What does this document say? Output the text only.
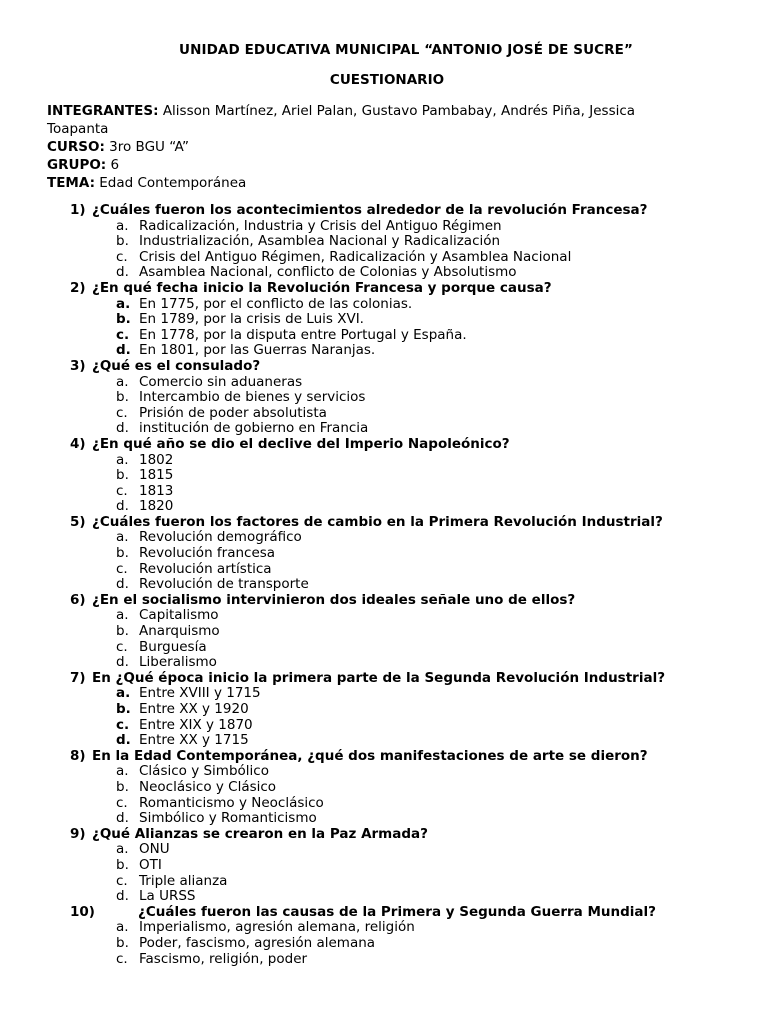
UNIDAD EDUCATIVA MUNICIPAL “ANTONIO JOSÉ DE SUCRE”
CUESTIONARIO
INTEGRANTES: Alisson Martínez, Ariel Palan, Gustavo Pambabay, Andrés Piña, Jessica Toapanta
CURSO: 3ro BGU “A”
GRUPO: 6
TEMA: Edad Contemporánea
1) ¿Cuáles fueron los acontecimientos alrededor de la revolución Francesa?
a. Radicalización, Industria y Crisis del Antiguo Régimen
b. Industrialización, Asamblea Nacional y Radicalización
c. Crisis del Antiguo Régimen, Radicalización y Asamblea Nacional
d. Asamblea Nacional, conflicto de Colonias y Absolutismo
2) ¿En qué fecha inicio la Revolución Francesa y porque causa?
a. En 1775, por el conflicto de las colonias.
b. En 1789, por la crisis de Luis XVI.
c. En 1778, por la disputa entre Portugal y España.
d. En 1801, por las Guerras Naranjas.
3) ¿Qué es el consulado?
a. Comercio sin aduaneras
b. Intercambio de bienes y servicios
c. Prisión de poder absolutista
d. institución de gobierno en Francia
4) ¿En qué año se dio el declive del Imperio Napoleónico?
a. 1802
b. 1815
c. 1813
d. 1820
5) ¿Cuáles fueron los factores de cambio en la Primera Revolución Industrial?
a. Revolución demográfico
b. Revolución francesa
c. Revolución artística
d. Revolución de transporte
6) ¿En el socialismo intervinieron dos ideales señale uno de ellos?
a. Capitalismo
b. Anarquismo
c. Burguesía
d. Liberalismo
7) En ¿Qué época inicio la primera parte de la Segunda Revolución Industrial?
a. Entre XVIII y 1715
b. Entre XX y 1920
c. Entre XIX y 1870
d. Entre XX y 1715
8) En la Edad Contemporánea, ¿qué dos manifestaciones de arte se dieron?
a. Clásico y Simbólico
b. Neoclásico y Clásico
c. Romanticismo y Neoclásico
d. Simbólico y Romanticismo
9) ¿Qué Alianzas se crearon en la Paz Armada?
a. ONU
b. OTI
c. Triple alianza
d. La URSS
10)	¿Cuáles fueron las causas de la Primera y Segunda Guerra Mundial?
a. Imperialismo, agresión alemana, religión
b. Poder, fascismo, agresión alemana
c. Fascismo, religión, poder
